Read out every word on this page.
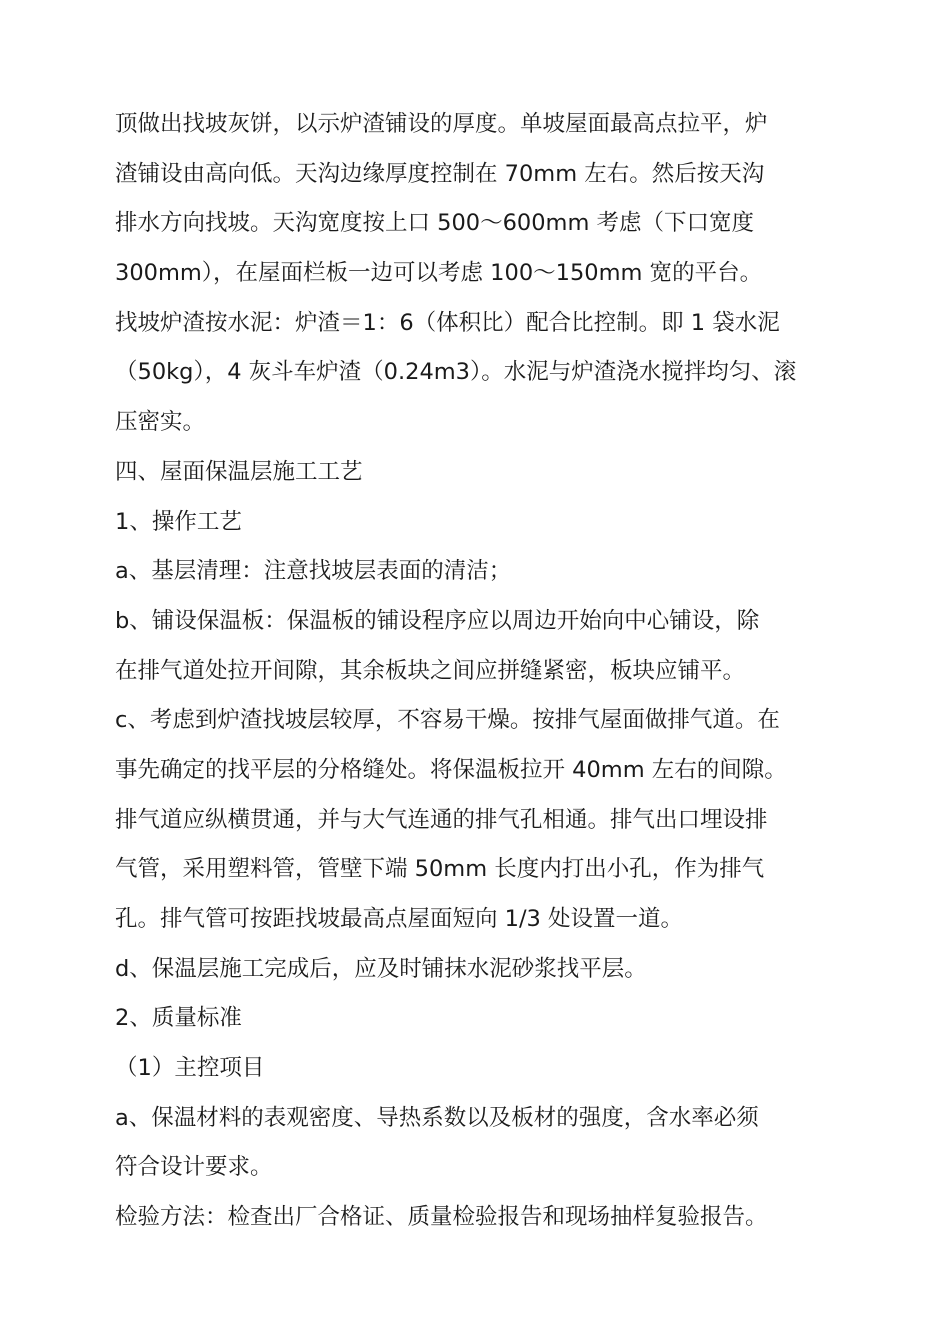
顶做出找坡灰饼，以示炉渣铺设的厚度。单坡屋面最高点拉平，炉
渣铺设由高向低。天沟边缘厚度控制在 70mm 左右。然后按天沟
排水方向找坡。天沟宽度按上口 500～600mm 考虑（下口宽度
300mm），在屋面栏板一边可以考虑 100～150mm 宽的平台。
找坡炉渣按水泥：炉渣＝1：6（体积比）配合比控制。即 1 袋水泥
（50kg），4 灰斗车炉渣（0.24m3）。水泥与炉渣浇水搅拌均匀、滚
压密实。
四、屋面保温层施工工艺
1、操作工艺
a、基层清理：注意找坡层表面的清洁；
b、铺设保温板：保温板的铺设程序应以周边开始向中心铺设，除
在排气道处拉开间隙，其余板块之间应拼缝紧密，板块应铺平。
c、考虑到炉渣找坡层较厚，不容易干燥。按排气屋面做排气道。在
事先确定的找平层的分格缝处。将保温板拉开 40mm 左右的间隙。
排气道应纵横贯通，并与大气连通的排气孔相通。排气出口埋设排
气管，采用塑料管，管壁下端 50mm 长度内打出小孔，作为排气
孔。排气管可按距找坡最高点屋面短向 1/3 处设置一道。
d、保温层施工完成后，应及时铺抹水泥砂浆找平层。
2、质量标准
（1）主控项目
a、保温材料的表观密度、导热系数以及板材的强度，含水率必须
符合设计要求。
检验方法：检查出厂合格证、质量检验报告和现场抽样复验报告。
